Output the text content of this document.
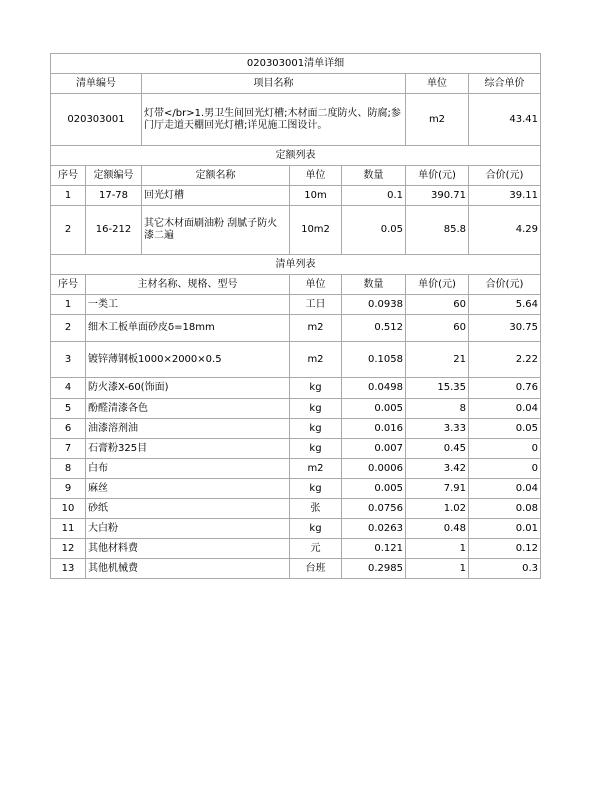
020303001清单详细						
清单编号		项目名称			单位	综合单价
020303001		灯带</br>1.男卫生间回光灯槽;木材面二度防火、防腐;参门厅走道天棚回光灯槽;详见施工图设计。			m2	43.41
定额列表						
序号	定额编号	定额名称	单位	数量	单价(元)	合价(元)
1	17-78	回光灯槽	10m	0.1	390.71	39.11
2	16-212	其它木材面刷油粉 刮腻子防火漆二遍	10m2	0.05	85.8	4.29
清单列表						
序号	主材名称、规格、型号		单位	数量	单价(元)	合价(元)
1	一类工		工日	0.0938	60	5.64
2	细木工板单面砂皮δ=18mm		m2	0.512	60	30.75
3	镀锌薄钢板1000×2000×0.5		m2	0.1058	21	2.22
4	防火漆X-60(饰面)		kg	0.0498	15.35	0.76
5	酚醛清漆各色		kg	0.005	8	0.04
6	油漆溶剂油		kg	0.016	3.33	0.05
7	石膏粉325目		kg	0.007	0.45	0
8	白布		m2	0.0006	3.42	0
9	麻丝		kg	0.005	7.91	0.04
10	砂纸		张	0.0756	1.02	0.08
11	大白粉		kg	0.0263	0.48	0.01
12	其他材料费		元	0.121	1	0.12
13	其他机械费		台班	0.2985	1	0.3
